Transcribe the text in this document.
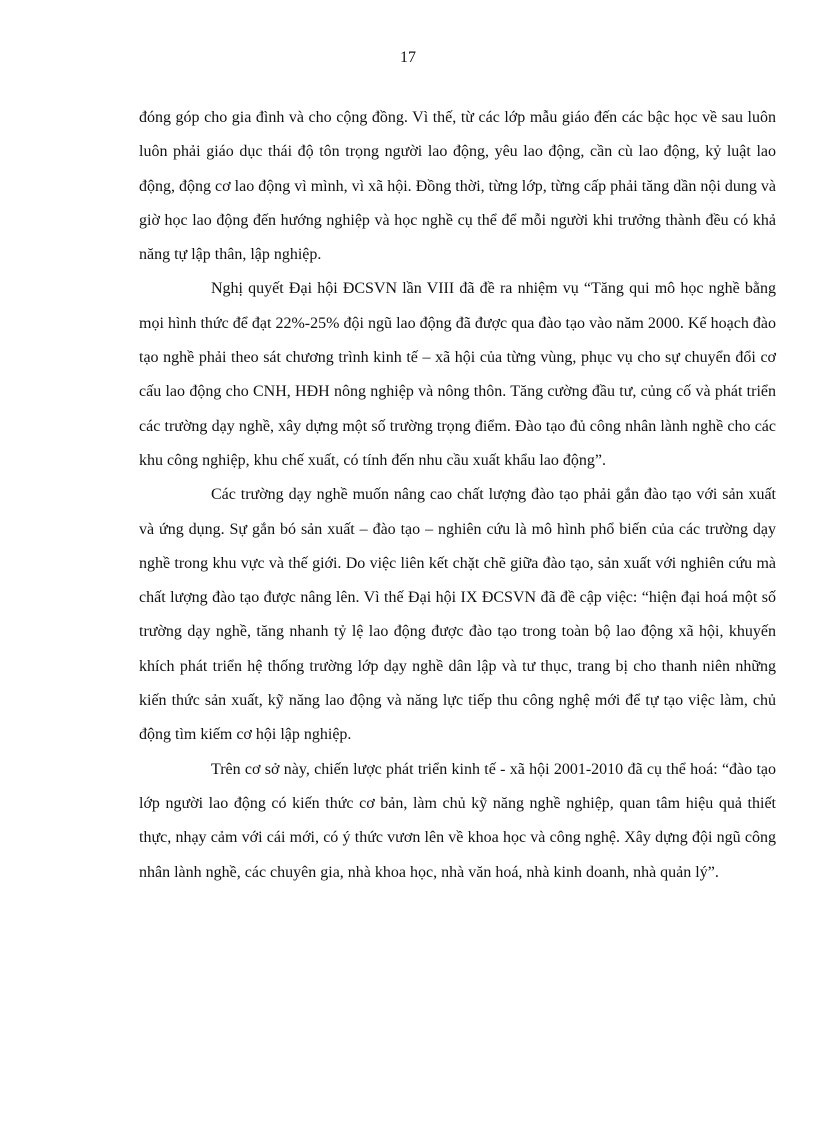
17

đóng góp cho gia đình và cho cộng đồng. Vì thế, từ các lớp mẫu giáo đến các bậc học về sau luôn luôn phải giáo dục thái độ tôn trọng người lao động, yêu lao động, cần cù lao động, kỷ luật lao động, động cơ lao động vì mình, vì xã hội. Đồng thời, từng lớp, từng cấp phải tăng dần nội dung và giờ học lao động đến hướng nghiệp và học nghề cụ thể để mỗi người khi trưởng thành đều có khả năng tự lập thân, lập nghiệp.

Nghị quyết Đại hội ĐCSVN lần VIII đã đề ra nhiệm vụ “Tăng qui mô học nghề bằng mọi hình thức để đạt 22%-25% đội ngũ lao động đã được qua đào tạo vào năm 2000. Kế hoạch đào tạo nghề phải theo sát chương trình kinh tế – xã hội của từng vùng, phục vụ cho sự chuyển đổi cơ cấu lao động cho CNH, HĐH nông nghiệp và nông thôn. Tăng cường đầu tư, củng cố và phát triển các trường dạy nghề, xây dựng một số trường trọng điểm. Đào tạo đủ công nhân lành nghề cho các khu công nghiệp, khu chế xuất, có tính đến nhu cầu xuất khẩu lao động”.

Các trường dạy nghề muốn nâng cao chất lượng đào tạo phải gắn đào tạo với sản xuất và ứng dụng. Sự gắn bó sản xuất – đào tạo – nghiên cứu là mô hình phổ biến của các trường dạy nghề trong khu vực và thế giới. Do việc liên kết chặt chẽ giữa đào tạo, sản xuất với nghiên cứu mà chất lượng đào tạo được nâng lên. Vì thế Đại hội IX ĐCSVN đã đề cập việc: “hiện đại hoá một số trường dạy nghề, tăng nhanh tỷ lệ lao động được đào tạo trong toàn bộ lao động xã hội, khuyến khích phát triển hệ thống trường lớp dạy nghề dân lập và tư thục, trang bị cho thanh niên những kiến thức sản xuất, kỹ năng lao động và năng lực tiếp thu công nghệ mới để tự tạo việc làm, chủ động tìm kiếm cơ hội lập nghiệp.

Trên cơ sở này, chiến lược phát triển kinh tế - xã hội 2001-2010 đã cụ thể hoá: “đào tạo lớp người lao động có kiến thức cơ bản, làm chủ kỹ năng nghề nghiệp, quan tâm hiệu quả thiết thực, nhạy cảm với cái mới, có ý thức vươn lên về khoa học và công nghệ. Xây dựng đội ngũ công nhân lành nghề, các chuyên gia, nhà khoa học, nhà văn hoá, nhà kinh doanh, nhà quản lý”.
